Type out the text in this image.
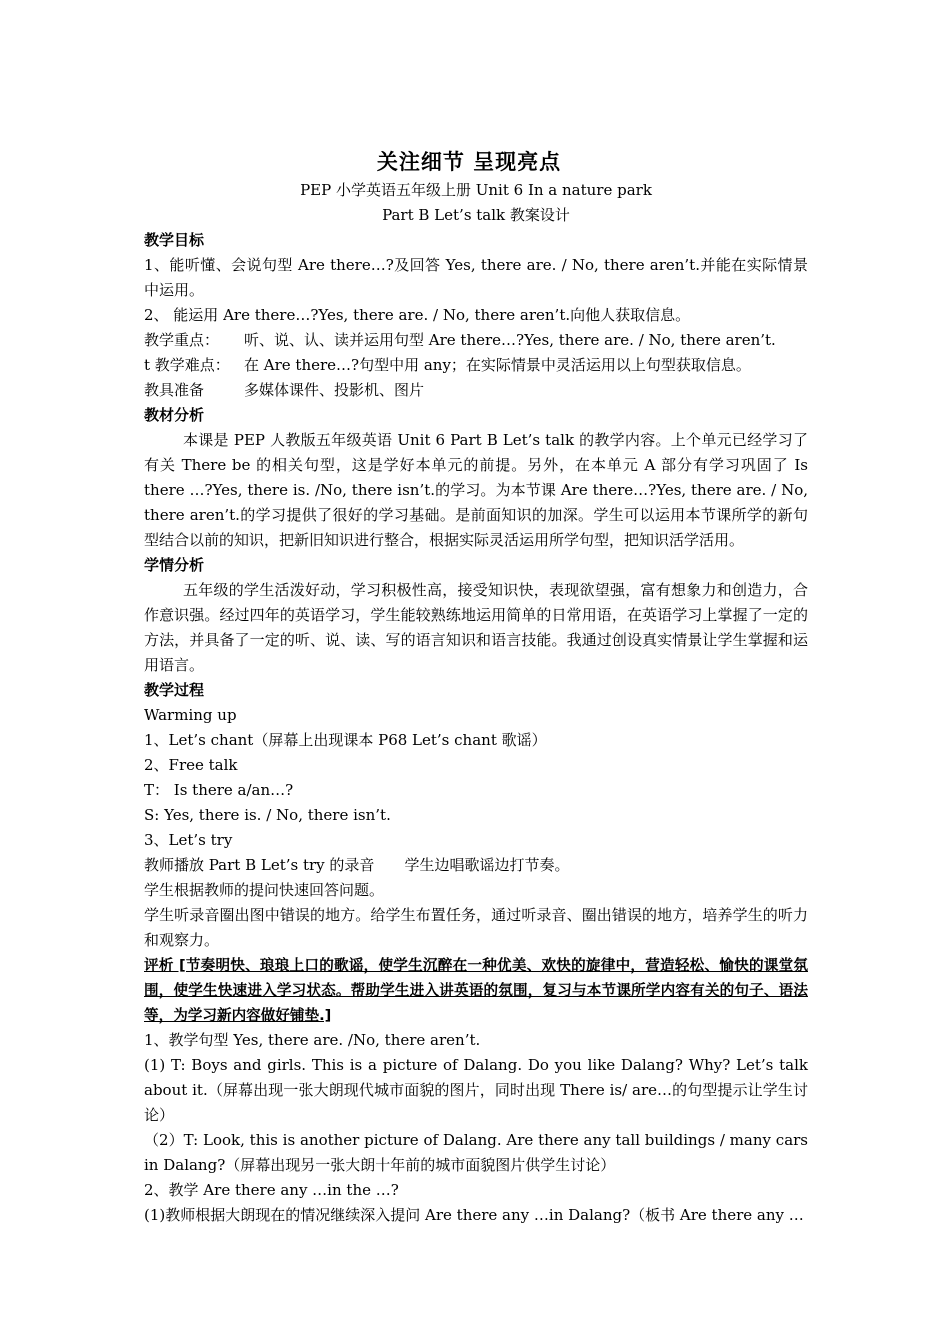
关注细节 呈现亮点
PEP 小学英语五年级上册 Unit 6 In a nature park
Part B Let’s talk 教案设计
教学目标
1、能听懂、会说句型 Are there…?及回答 Yes, there are. / No, there aren’t.并能在实际情景中运用。
2、 能运用 Are there…?Yes, there are. / No, there aren’t.向他人获取信息。
教学重点：	听、说、认、读并运用句型 Are there…?Yes, there are. / No, there aren’t.
t 教学难点： 在 Are there…?句型中用 any；在实际情景中灵活运用以上句型获取信息。
教具准备	多媒体课件、投影机、图片
教材分析
本课是 PEP 人教版五年级英语 Unit 6 Part B Let’s talk 的教学内容。上个单元已经学习了有关 There be 的相关句型，这是学好本单元的前提。另外，在本单元 A 部分有学习巩固了 Is there …?Yes, there is. /No, there isn’t.的学习。为本节课 Are there…?Yes, there are. / No, there aren’t.的学习提供了很好的学习基础。是前面知识的加深。学生可以运用本节课所学的新句型结合以前的知识，把新旧知识进行整合，根据实际灵活运用所学句型，把知识活学活用。
学情分析
五年级的学生活泼好动，学习积极性高，接受知识快，表现欲望强，富有想象力和创造力，合作意识强。经过四年的英语学习，学生能较熟练地运用简单的日常用语，在英语学习上掌握了一定的方法，并具备了一定的听、说、读、写的语言知识和语言技能。我通过创设真实情景让学生掌握和运用语言。
教学过程
Warming up
1、Let’s chant（屏幕上出现课本 P68 Let’s chant 歌谣）
2、Free talk
T： Is there a/an…?
S: Yes, there is. / No, there isn’t.
3、Let’s try
教师播放 Part B Let’s try 的录音 学生边唱歌谣边打节奏。
学生根据教师的提问快速回答问题。
学生听录音圈出图中错误的地方。给学生布置任务，通过听录音、圈出错误的地方，培养学生的听力和观察力。
评析 [节奏明快、琅琅上口的歌谣，使学生沉醉在一种优美、欢快的旋律中，营造轻松、愉快的课堂氛围，使学生快速进入学习状态。帮助学生进入讲英语的氛围，复习与本节课所学内容有关的句子、语法等，为学习新内容做好铺垫.]
1、教学句型 Yes, there are. /No, there aren’t.
(1) T: Boys and girls. This is a picture of Dalang. Do you like Dalang? Why? Let’s talk about it.（屏幕出现一张大朗现代城市面貌的图片，同时出现 There is/ are…的句型提示让学生讨论）
（2）T: Look, this is another picture of Dalang. Are there any tall buildings / many cars in Dalang?（屏幕出现另一张大朗十年前的城市面貌图片供学生讨论）
2、教学 Are there any …in the …?
(1)教师根据大朗现在的情况继续深入提问 Are there any …in Dalang?（板书 Are there any …
